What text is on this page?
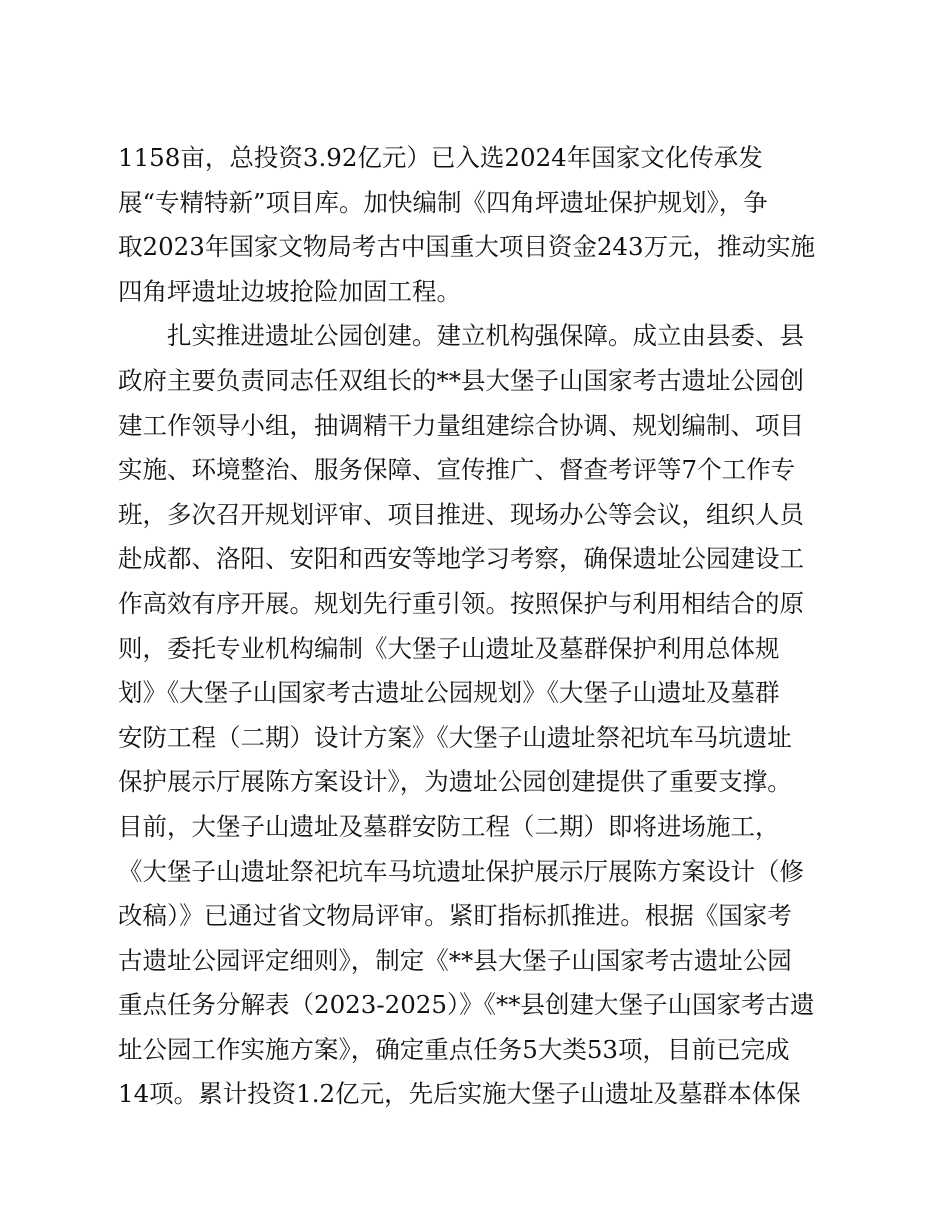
1158亩，总投资3.92亿元）已入选2024年国家文化传承发
展“专精特新”项目库。加快编制《四角坪遗址保护规划》，争
取2023年国家文物局考古中国重大项目资金243万元，推动实施
四角坪遗址边坡抢险加固工程。
扎实推进遗址公园创建。建立机构强保障。成立由县委、县
政府主要负责同志任双组长的**县大堡子山国家考古遗址公园创
建工作领导小组，抽调精干力量组建综合协调、规划编制、项目
实施、环境整治、服务保障、宣传推广、督查考评等7个工作专
班，多次召开规划评审、项目推进、现场办公等会议，组织人员
赴成都、洛阳、安阳和西安等地学习考察，确保遗址公园建设工
作高效有序开展。规划先行重引领。按照保护与利用相结合的原
则，委托专业机构编制《大堡子山遗址及墓群保护利用总体规
划》《大堡子山国家考古遗址公园规划》《大堡子山遗址及墓群
安防工程（二期）设计方案》《大堡子山遗址祭祀坑车马坑遗址
保护展示厅展陈方案设计》，为遗址公园创建提供了重要支撑。
目前，大堡子山遗址及墓群安防工程（二期）即将进场施工，
《大堡子山遗址祭祀坑车马坑遗址保护展示厅展陈方案设计（修
改稿）》已通过省文物局评审。紧盯指标抓推进。根据《国家考
古遗址公园评定细则》，制定《**县大堡子山国家考古遗址公园
重点任务分解表（2023-2025）》《**县创建大堡子山国家考古遗
址公园工作实施方案》，确定重点任务5大类53项，目前已完成
14项。累计投资1.2亿元，先后实施大堡子山遗址及墓群本体保
